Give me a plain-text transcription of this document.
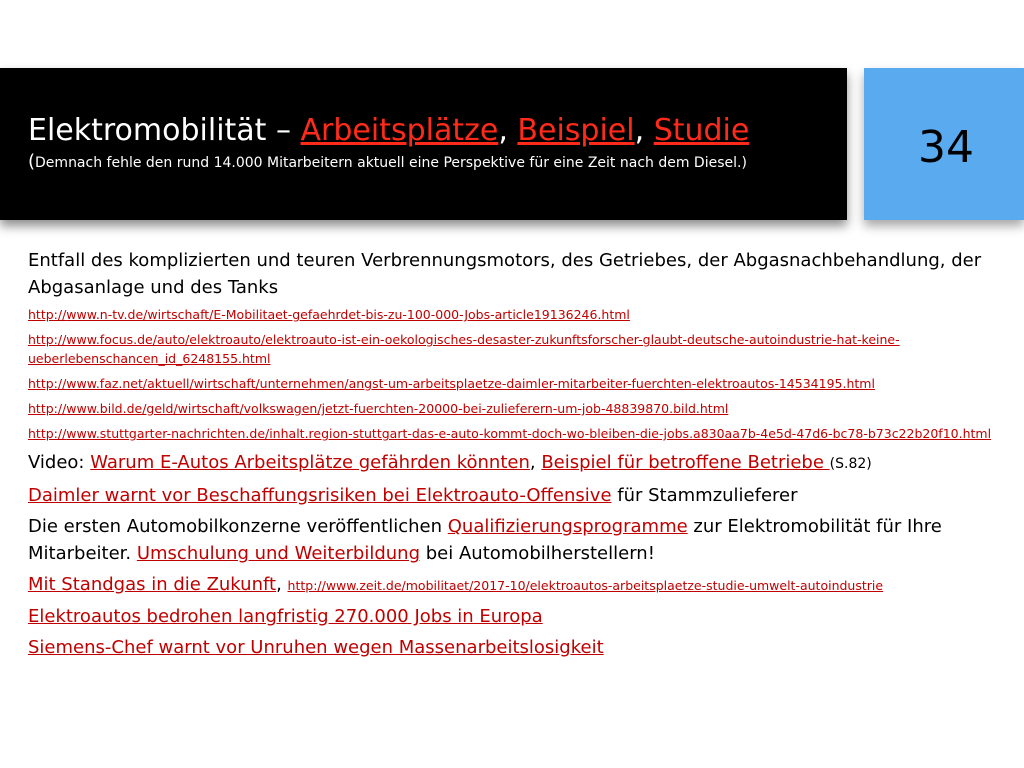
Elektromobilität – Arbeitsplätze, Beispiel, Studie
(Demnach fehle den rund 14.000 Mitarbeitern aktuell eine Perspektive für eine Zeit nach dem Diesel.)	34
Entfall des komplizierten und teuren Verbrennungsmotors, des Getriebes, der Abgasnachbehandlung, der Abgasanlage und des Tanks
http://www.n-tv.de/wirtschaft/E-Mobilitaet-gefaehrdet-bis-zu-100-000-Jobs-article19136246.html
http://www.focus.de/auto/elektroauto/elektroauto-ist-ein-oekologisches-desaster-zukunftsforscher-glaubt-deutsche-autoindustrie-hat-keine-ueberlebenschancen_id_6248155.html
http://www.faz.net/aktuell/wirtschaft/unternehmen/angst-um-arbeitsplaetze-daimler-mitarbeiter-fuerchten-elektroautos-14534195.html
http://www.bild.de/geld/wirtschaft/volkswagen/jetzt-fuerchten-20000-bei-zulieferern-um-job-48839870.bild.html
http://www.stuttgarter-nachrichten.de/inhalt.region-stuttgart-das-e-auto-kommt-doch-wo-bleiben-die-jobs.a830aa7b-4e5d-47d6-bc78-b73c22b20f10.html
Video: Warum E-Autos Arbeitsplätze gefährden könnten, Beispiel für betroffene Betriebe (S.82)
Daimler warnt vor Beschaffungsrisiken bei Elektroauto-Offensive für Stammzulieferer
Die ersten Automobilkonzerne veröffentlichen Qualifizierungsprogramme zur Elektromobilität für Ihre Mitarbeiter. Umschulung und Weiterbildung bei Automobilherstellern!
Mit Standgas in die Zukunft, http://www.zeit.de/mobilitaet/2017-10/elektroautos-arbeitsplaetze-studie-umwelt-autoindustrie
Elektroautos bedrohen langfristig 270.000 Jobs in Europa
Siemens-Chef warnt vor Unruhen wegen Massenarbeitslosigkeit
